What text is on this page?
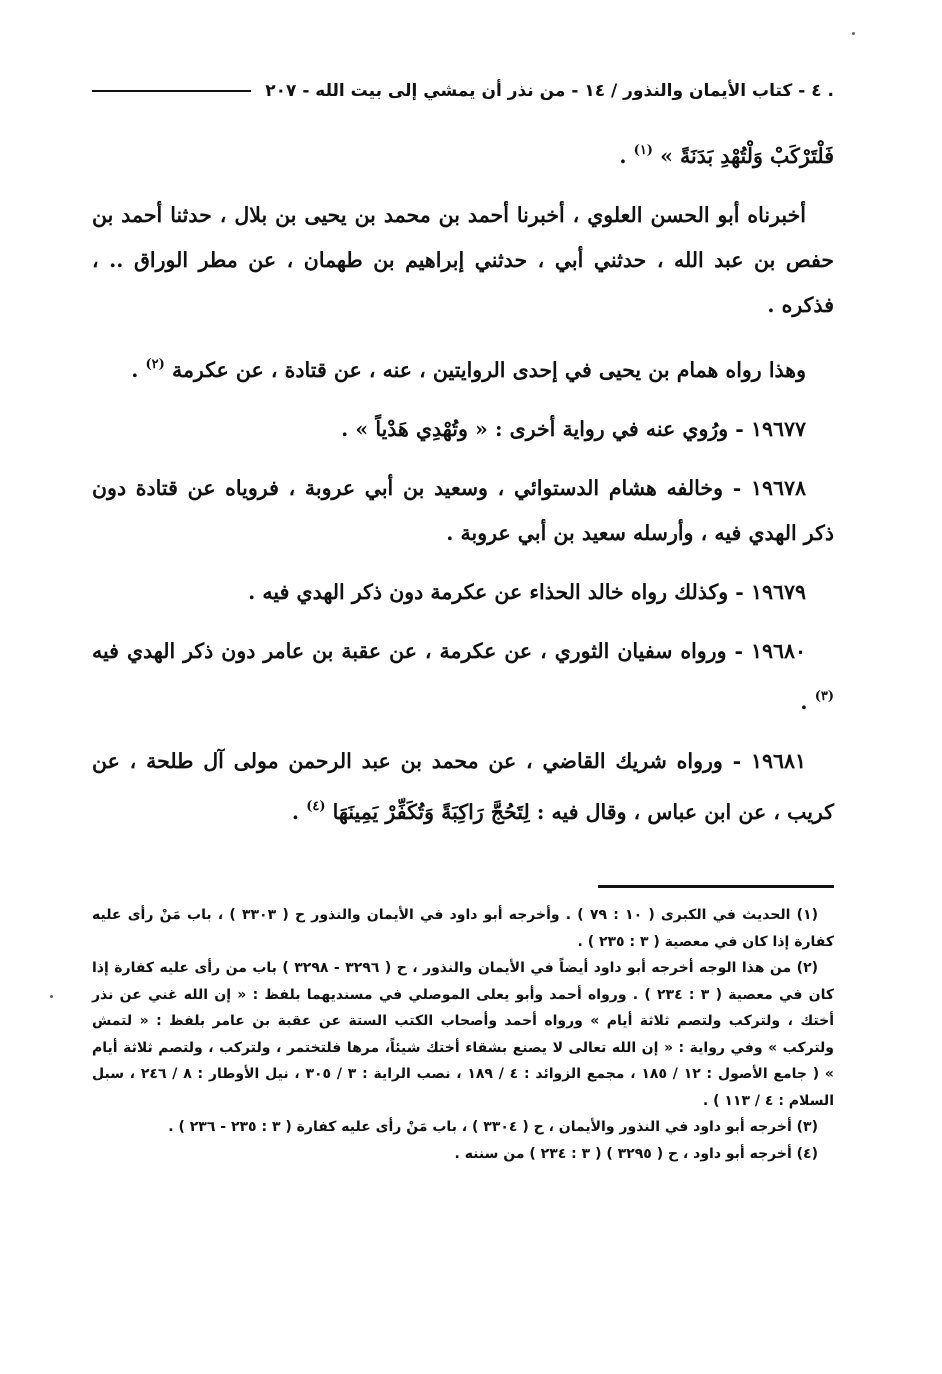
. ٤ - كتاب الأيمان والنذور / ١٤ - من نذر أن يمشي إلى بيت الله - ٢٠٧

فَلْتَرْكَبْ وَلْتُهْدِ بَدَنَةً » $^{(١)}$ .

أخبرناه أبو الحسن العلوي ، أخبرنا أحمد بن محمد بن يحيى بن بلال ، حدثنا أحمد بن حفص بن عبد الله ، حدثني أبي ، حدثني إبراهيم بن طهمان ، عن مطر الوراق .. ، فذكره .

وهذا رواه همام بن يحيى في إحدى الروايتين ، عنه ، عن قتادة ، عن عكرمة $^{(٢)}$ .

١٩٦٧٧ - ورُوي عنه في رواية أخرى : « وتُهْدِي هَدْياً » .

١٩٦٧٨ - وخالفه هشام الدستوائي ، وسعيد بن أبي عروبة ، فروياه عن قتادة دون ذكر الهدي فيه ، وأرسله سعيد بن أبي عروبة .

١٩٦٧٩ - وكذلك رواه خالد الحذاء عن عكرمة دون ذكر الهدي فيه .

١٩٦٨٠ - ورواه سفيان الثوري ، عن عكرمة ، عن عقبة بن عامر دون ذكر الهدي فيه $^{(٣)}$ .

١٩٦٨١ - ورواه شريك القاضي ، عن محمد بن عبد الرحمن مولى آل طلحة ، عن كريب ، عن ابن عباس ، وقال فيه : لِتَحُجَّ رَاكِبَةً وَتُكَفِّرْ يَمِينَهَا $^{(٤)}$ .

(١) الحديث في الكبرى ( ١٠ : ٧٩ ) . وأخرجه أبو داود في الأيمان والنذور ح ( ٣٣٠٣ ) ، باب مَنْ رأى عليه كفارة إذا كان في معصية ( ٣ : ٢٣٥ ) .

(٢) من هذا الوجه أخرجه أبو داود أيضاً في الأيمان والنذور ، ح ( ٣٢٩٦ - ٣٢٩٨ ) باب من رأى عليه كفارة إذا كان في معصية ( ٣ : ٢٣٤ ) . ورواه أحمد وأبو يعلى الموصلي في مسنديهما بلفظ : « إن الله غني عن نذر أختك ، ولتركب ولتصم ثلاثة أيام » ورواه أحمد وأصحاب الكتب الستة عن عقبة بن عامر بلفظ : « لتمش ولتركب » وفي رواية : « إن الله تعالى لا يصنع بشقاء أختك شيئاً، مرها فلتختمر ، ولتركب ، ولتصم ثلاثة أيام » ( جامع الأصول : ١٢ / ١٨٥ ، مجمع الزوائد : ٤ / ١٨٩ ، نصب الراية : ٣ / ٣٠٥ ، نيل الأوطار : ٨ / ٢٤٦ ، سبل السلام : ٤ / ١١٣ ) .

(٣) أخرجه أبو داود في النذور والأيمان ، ح ( ٣٣٠٤ ) ، باب مَنْ رأى عليه كفارة ( ٣ : ٢٣٥ - ٢٣٦ ) .

(٤) أخرجه أبو داود ، ح ( ٣٢٩٥ ) ( ٣ : ٢٣٤ ) من سننه .
